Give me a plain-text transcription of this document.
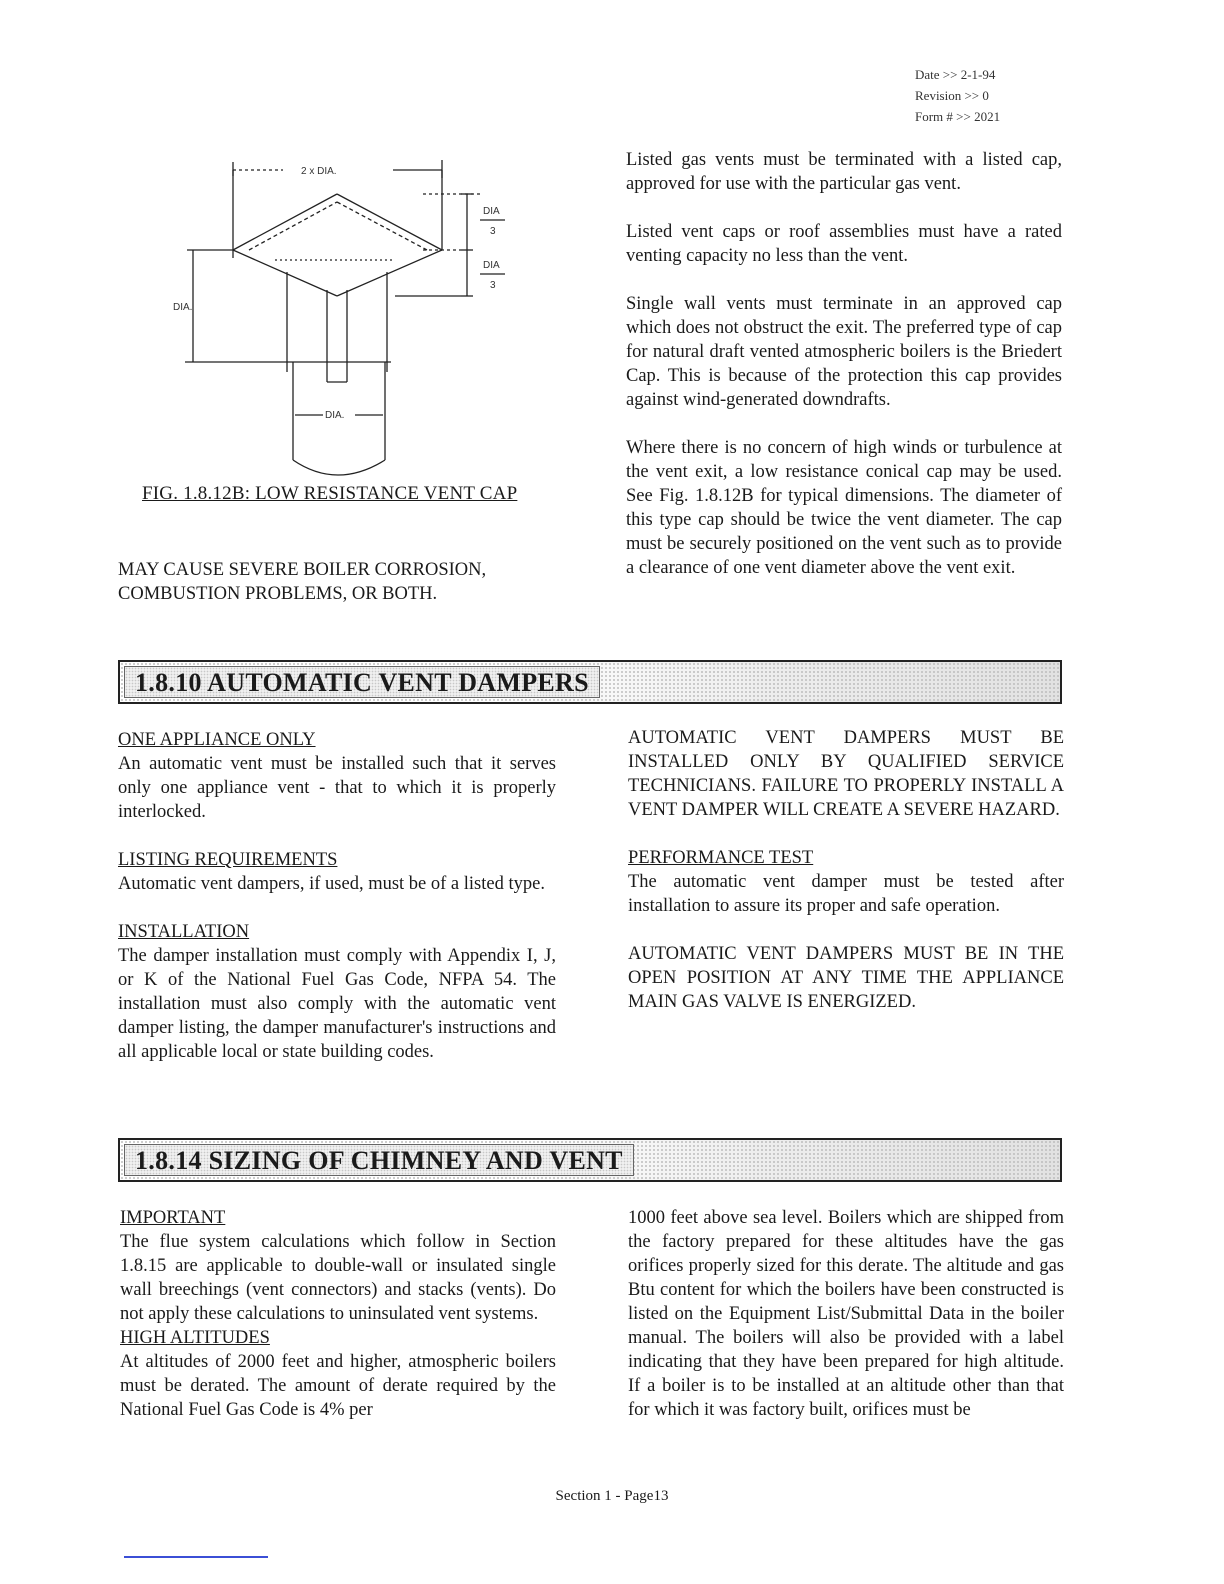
Date >> 2-1-94
Revision >> 0
Form # >> 2021
2 x DIA.
DIA
3
DIA
3
DIA.
DIA.
FIG. 1.8.12B: LOW RESISTANCE VENT CAP
MAY CAUSE SEVERE BOILER CORROSION, COMBUSTION PROBLEMS, OR BOTH.

Listed gas vents must be terminated with a listed cap, approved for use with the particular gas vent.

Listed vent caps or roof assemblies must have a rated venting capacity no less than the vent.

Single wall vents must terminate in an approved cap which does not obstruct the exit. The preferred type of cap for natural draft vented atmospheric boilers is the Briedert Cap. This is because of the protection this cap provides against wind-generated downdrafts.

Where there is no concern of high winds or turbulence at the vent exit, a low resistance conical cap may be used. See Fig. 1.8.12B for typical dimensions. The diameter of this type cap should be twice the vent diameter. The cap must be securely positioned on the vent such as to provide a clearance of one vent diameter above the vent exit.

1.8.10 AUTOMATIC VENT DAMPERS
ONE APPLIANCE ONLY

An automatic vent must be installed such that it serves only one appliance vent - that to which it is properly interlocked.

LISTING REQUIREMENTS

Automatic vent dampers, if used, must be of a listed type.

INSTALLATION

The damper installation must comply with Appendix I, J, or K of the National Fuel Gas Code, NFPA 54. The installation must also comply with the automatic vent damper listing, the damper manufacturer's instructions and all applicable local or state building codes.

AUTOMATIC VENT DAMPERS MUST BE INSTALLED ONLY BY QUALIFIED SERVICE TECHNICIANS. FAILURE TO PROPERLY INSTALL A VENT DAMPER WILL CREATE A SEVERE HAZARD.

PERFORMANCE TEST

The automatic vent damper must be tested after installation to assure its proper and safe operation.

AUTOMATIC VENT DAMPERS MUST BE IN THE OPEN POSITION AT ANY TIME THE APPLIANCE MAIN GAS VALVE IS ENERGIZED.

1.8.14 SIZING OF CHIMNEY AND VENT
IMPORTANT

The flue system calculations which follow in Section 1.8.15 are applicable to double-wall or insulated single wall breechings (vent connectors) and stacks (vents). Do not apply these calculations to uninsulated vent systems.

HIGH ALTITUDES

At altitudes of 2000 feet and higher, atmospheric boilers must be derated. The amount of derate required by the National Fuel Gas Code is 4% per

1000 feet above sea level. Boilers which are shipped from the factory prepared for these altitudes have the gas orifices properly sized for this derate. The altitude and gas Btu content for which the boilers have been constructed is listed on the Equipment List/Submittal Data in the boiler manual. The boilers will also be provided with a label indicating that they have been prepared for high altitude. If a boiler is to be installed at an altitude other than that for which it was factory built, orifices must be

Section 1 - Page13
